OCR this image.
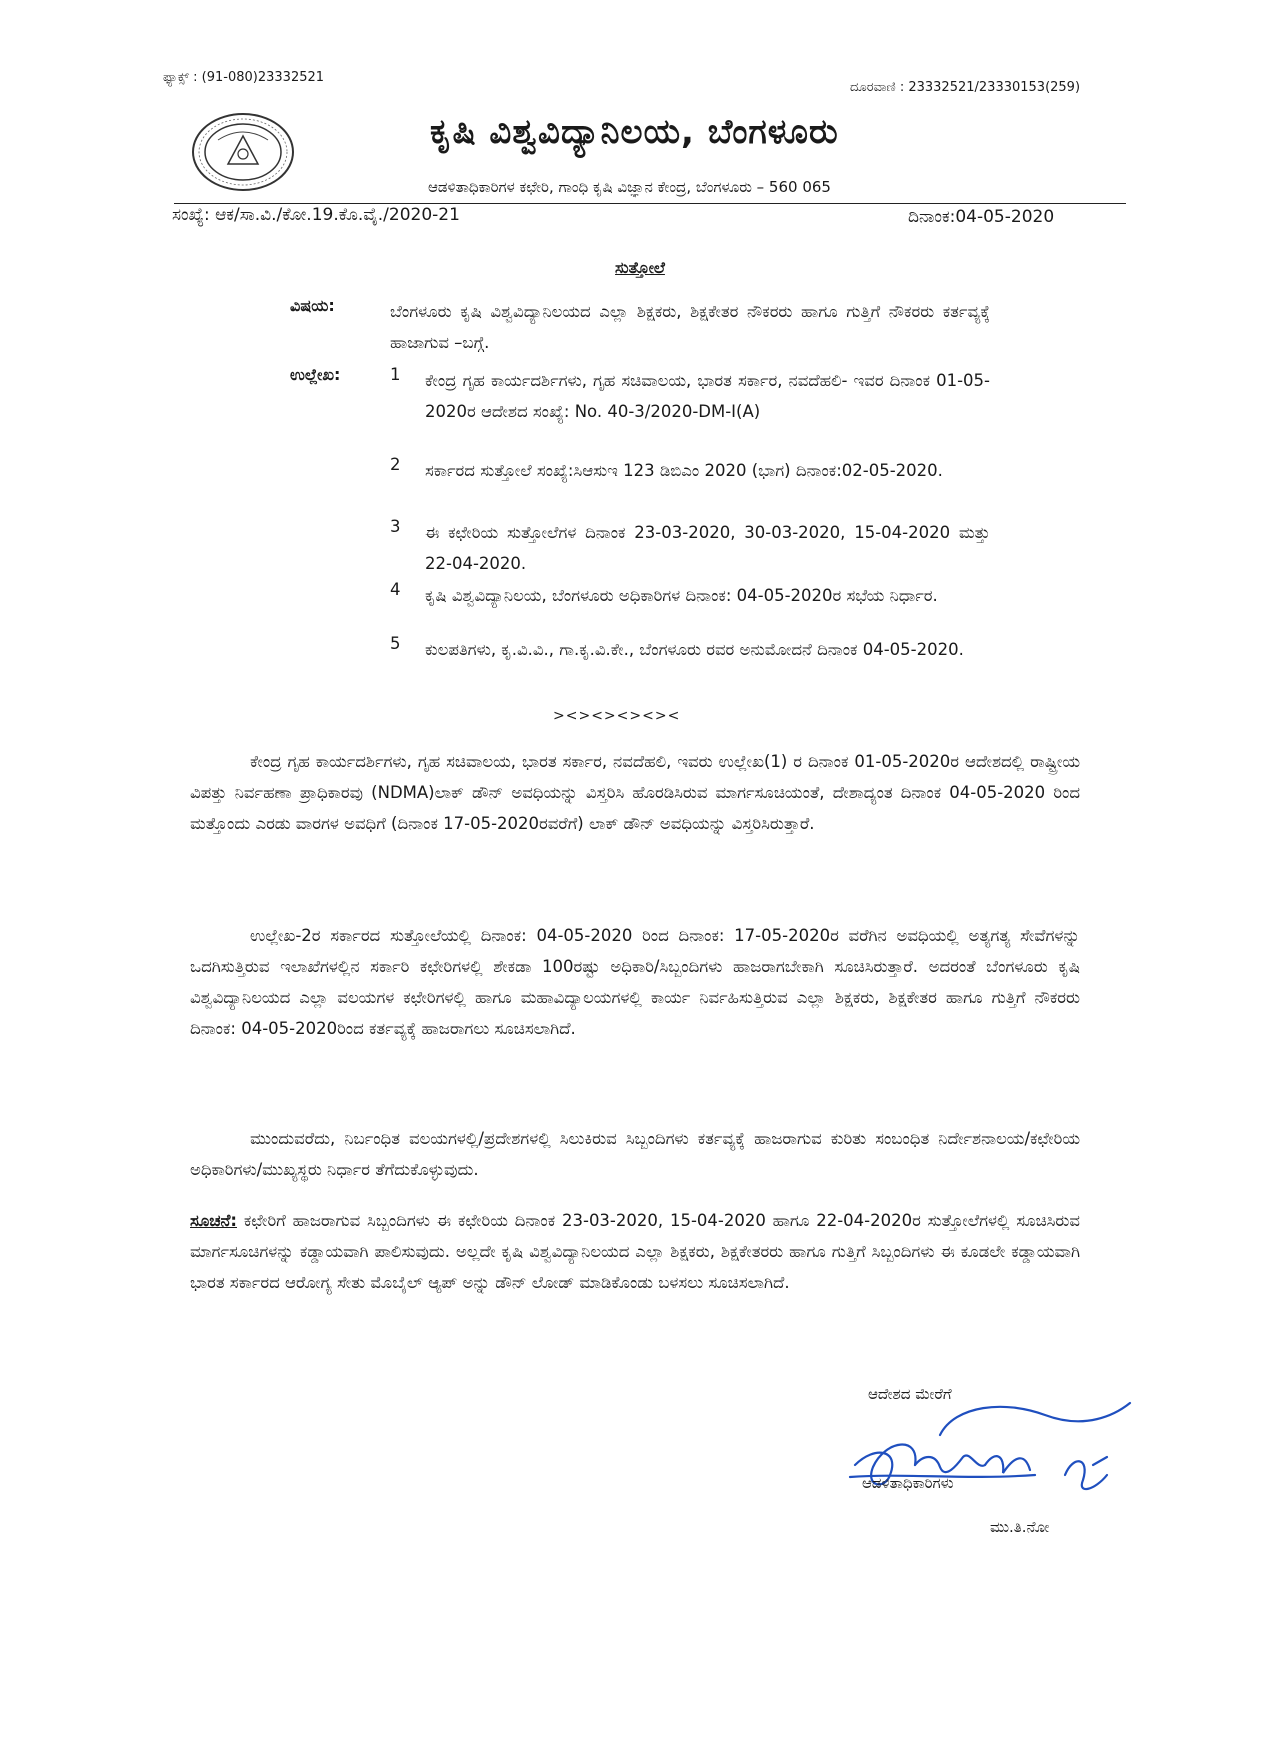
ಫ್ಯಾಕ್ಸ್ : (91-080)23332521
ದೂರವಾಣಿ : 23332521/23330153(259)
ಕೃಷಿ ವಿಶ್ವವಿದ್ಯಾನಿಲಯ, ಬೆಂಗಳೂರು
ಆಡಳಿತಾಧಿಕಾರಿಗಳ ಕಛೇರಿ, ಗಾಂಧಿ ಕೃಷಿ ವಿಜ್ಞಾನ ಕೇಂದ್ರ, ಬೆಂಗಳೂರು – 560 065
ಸಂಖ್ಯೆ: ಆಕ/ಸಾ.ವಿ./ಕೋ.19.ಕೊ.ವೈ./2020-21	ದಿನಾಂಕ:04-05-2020
ಸುತ್ತೋಲೆ
ವಿಷಯ:	ಬೆಂಗಳೂರು ಕೃಷಿ ವಿಶ್ವವಿದ್ಯಾನಿಲಯದ ಎಲ್ಲಾ ಶಿಕ್ಷಕರು, ಶಿಕ್ಷಕೇತರ ನೌಕರರು ಹಾಗೂ ಗುತ್ತಿಗೆ ನೌಕರರು ಕರ್ತವ್ಯಕ್ಕೆ ಹಾಜಾಗುವ –ಬಗ್ಗೆ.
ಉಲ್ಲೇಖ:	1	ಕೇಂದ್ರ ಗೃಹ ಕಾರ್ಯದರ್ಶಿಗಳು, ಗೃಹ ಸಚಿವಾಲಯ, ಭಾರತ ಸರ್ಕಾರ, ನವದೆಹಲಿ- ಇವರ ದಿನಾಂಕ 01-05-2020ರ ಆದೇಶದ ಸಂಖ್ಯೆ: No. 40-3/2020-DM-I(A)
2	ಸರ್ಕಾರದ ಸುತ್ತೋಲೆ ಸಂಖ್ಯೆ:ಸಿಆಸುಇ 123 ಡಿಬಿಎಂ 2020 (ಭಾಗ) ದಿನಾಂಕ:02-05-2020.
3	ಈ ಕಛೇರಿಯ ಸುತ್ತೋಲೆಗಳ ದಿನಾಂಕ 23-03-2020, 30-03-2020, 15-04-2020 ಮತ್ತು 22-04-2020.
4	ಕೃಷಿ ವಿಶ್ವವಿದ್ಯಾನಿಲಯ, ಬೆಂಗಳೂರು ಅಧಿಕಾರಿಗಳ ದಿನಾಂಕ: 04-05-2020ರ ಸಭೆಯ ನಿರ್ಧಾರ.
5	ಕುಲಪತಿಗಳು, ಕೃ.ವಿ.ವಿ., ಗಾ.ಕೃ.ವಿ.ಕೇ., ಬೆಂಗಳೂರು ರವರ ಅನುಮೋದನೆ ದಿನಾಂಕ 04-05-2020.
><><><><><
ಕೇಂದ್ರ ಗೃಹ ಕಾರ್ಯದರ್ಶಿಗಳು, ಗೃಹ ಸಚಿವಾಲಯ, ಭಾರತ ಸರ್ಕಾರ, ನವದೆಹಲಿ, ಇವರು ಉಲ್ಲೇಖ(1) ರ ದಿನಾಂಕ 01-05-2020ರ ಆದೇಶದಲ್ಲಿ ರಾಷ್ಟ್ರೀಯ ವಿಪತ್ತು ನಿರ್ವಹಣಾ ಪ್ರಾಧಿಕಾರವು (NDMA)ಲಾಕ್ ಡೌನ್ ಅವಧಿಯನ್ನು ವಿಸ್ತರಿಸಿ ಹೊರಡಿಸಿರುವ ಮಾರ್ಗಸೂಚಿಯಂತೆ, ದೇಶಾದ್ಯಂತ ದಿನಾಂಕ 04-05-2020 ರಿಂದ ಮತ್ತೊಂದು ಎರಡು ವಾರಗಳ ಅವಧಿಗೆ (ದಿನಾಂಕ 17-05-2020ರವರೆಗೆ) ಲಾಕ್ ಡೌನ್ ಅವಧಿಯನ್ನು ವಿಸ್ತರಿಸಿರುತ್ತಾರೆ.
ಉಲ್ಲೇಖ-2ರ ಸರ್ಕಾರದ ಸುತ್ತೋಲೆಯಲ್ಲಿ ದಿನಾಂಕ: 04-05-2020 ರಿಂದ ದಿನಾಂಕ: 17-05-2020ರ ವರೆಗಿನ ಅವಧಿಯಲ್ಲಿ ಅತ್ಯಗತ್ಯ ಸೇವೆಗಳನ್ನು ಒದಗಿಸುತ್ತಿರುವ ಇಲಾಖೆಗಳಲ್ಲಿನ ಸರ್ಕಾರಿ ಕಛೇರಿಗಳಲ್ಲಿ ಶೇಕಡಾ 100ರಷ್ಟು ಅಧಿಕಾರಿ/ಸಿಬ್ಬಂದಿಗಳು ಹಾಜರಾಗಬೇಕಾಗಿ ಸೂಚಿಸಿರುತ್ತಾರೆ. ಅದರಂತೆ ಬೆಂಗಳೂರು ಕೃಷಿ ವಿಶ್ವವಿದ್ಯಾನಿಲಯದ ಎಲ್ಲಾ ವಲಯಗಳ ಕಛೇರಿಗಳಲ್ಲಿ ಹಾಗೂ ಮಹಾವಿದ್ಯಾಲಯಗಳಲ್ಲಿ ಕಾರ್ಯ ನಿರ್ವಹಿಸುತ್ತಿರುವ ಎಲ್ಲಾ ಶಿಕ್ಷಕರು, ಶಿಕ್ಷಕೇತರ ಹಾಗೂ ಗುತ್ತಿಗೆ ನೌಕರರು ದಿನಾಂಕ: 04-05-2020ರಿಂದ ಕರ್ತವ್ಯಕ್ಕೆ ಹಾಜರಾಗಲು ಸೂಚಿಸಲಾಗಿದೆ.
ಮುಂದುವರೆದು, ನಿರ್ಬಂಧಿತ ವಲಯಗಳಲ್ಲಿ/ಪ್ರದೇಶಗಳಲ್ಲಿ ಸಿಲುಕಿರುವ ಸಿಬ್ಬಂದಿಗಳು ಕರ್ತವ್ಯಕ್ಕೆ ಹಾಜರಾಗುವ ಕುರಿತು ಸಂಬಂಧಿತ ನಿರ್ದೇಶನಾಲಯ/ಕಛೇರಿಯ ಅಧಿಕಾರಿಗಳು/ಮುಖ್ಯಸ್ಥರು ನಿರ್ಧಾರ ತೆಗೆದುಕೊಳ್ಳುವುದು.
ಸೂಚನೆ: ಕಛೇರಿಗೆ ಹಾಜರಾಗುವ ಸಿಬ್ಬಂದಿಗಳು ಈ ಕಛೇರಿಯ ದಿನಾಂಕ 23-03-2020, 15-04-2020 ಹಾಗೂ 22-04-2020ರ ಸುತ್ತೋಲೆಗಳಲ್ಲಿ ಸೂಚಿಸಿರುವ ಮಾರ್ಗಸೂಚಿಗಳನ್ನು ಕಡ್ಡಾಯವಾಗಿ ಪಾಲಿಸುವುದು. ಅಲ್ಲದೇ ಕೃಷಿ ವಿಶ್ವವಿದ್ಯಾನಿಲಯದ ಎಲ್ಲಾ ಶಿಕ್ಷಕರು, ಶಿಕ್ಷಕೇತರರು ಹಾಗೂ ಗುತ್ತಿಗೆ ಸಿಬ್ಬಂದಿಗಳು ಈ ಕೂಡಲೇ ಕಡ್ಡಾಯವಾಗಿ ಭಾರತ ಸರ್ಕಾರದ ಆರೋಗ್ಯ ಸೇತು ಮೊಬೈಲ್ ಆ್ಯಪ್ ಅನ್ನು ಡೌನ್ ಲೋಡ್ ಮಾಡಿಕೊಂಡು ಬಳಸಲು ಸೂಚಿಸಲಾಗಿದೆ.
ಆದೇಶದ ಮೇರೆಗೆ
ಆಡಳಿತಾಧಿಕಾರಿಗಳು
ಮು.ತಿ.ನೋ
